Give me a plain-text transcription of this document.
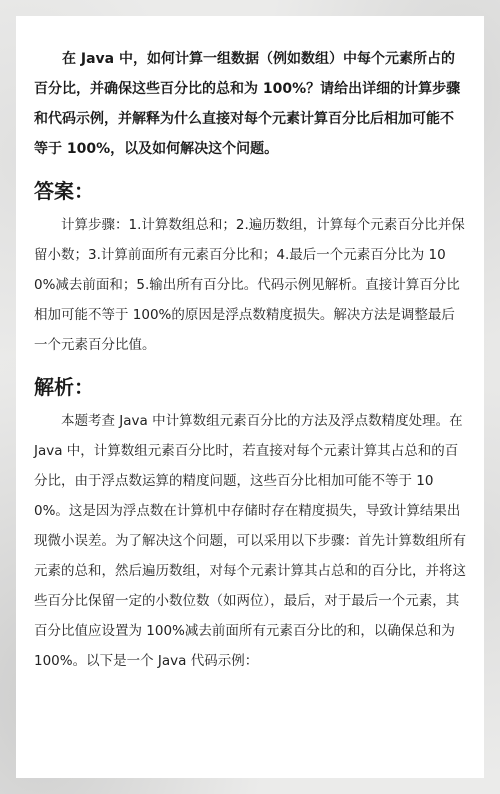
在 Java 中，如何计算一组数据（例如数组）中每个元素所占的百分比，并确保这些百分比的总和为 100%？请给出详细的计算步骤和代码示例，并解释为什么直接对每个元素计算百分比后相加可能不等于 100%，以及如何解决这个问题。

答案：

计算步骤：1.计算数组总和；2.遍历数组，计算每个元素百分比并保留小数；3.计算前面所有元素百分比和；4.最后一个元素百分比为 100%减去前面和；5.输出所有百分比。代码示例见解析。直接计算百分比相加可能不等于 100%的原因是浮点数精度损失。解决方法是调整最后一个元素百分比值。

解析：

本题考查 Java 中计算数组元素百分比的方法及浮点数精度处理。在 Java 中，计算数组元素百分比时，若直接对每个元素计算其占总和的百分比，由于浮点数运算的精度问题，这些百分比相加可能不等于 100%。这是因为浮点数在计算机中存储时存在精度损失，导致计算结果出现微小误差。为了解决这个问题，可以采用以下步骤：首先计算数组所有元素的总和，然后遍历数组，对每个元素计算其占总和的百分比，并将这些百分比保留一定的小数位数（如两位），最后，对于最后一个元素，其百分比值应设置为 100%减去前面所有元素百分比的和，以确保总和为 100%。以下是一个 Java 代码示例：
